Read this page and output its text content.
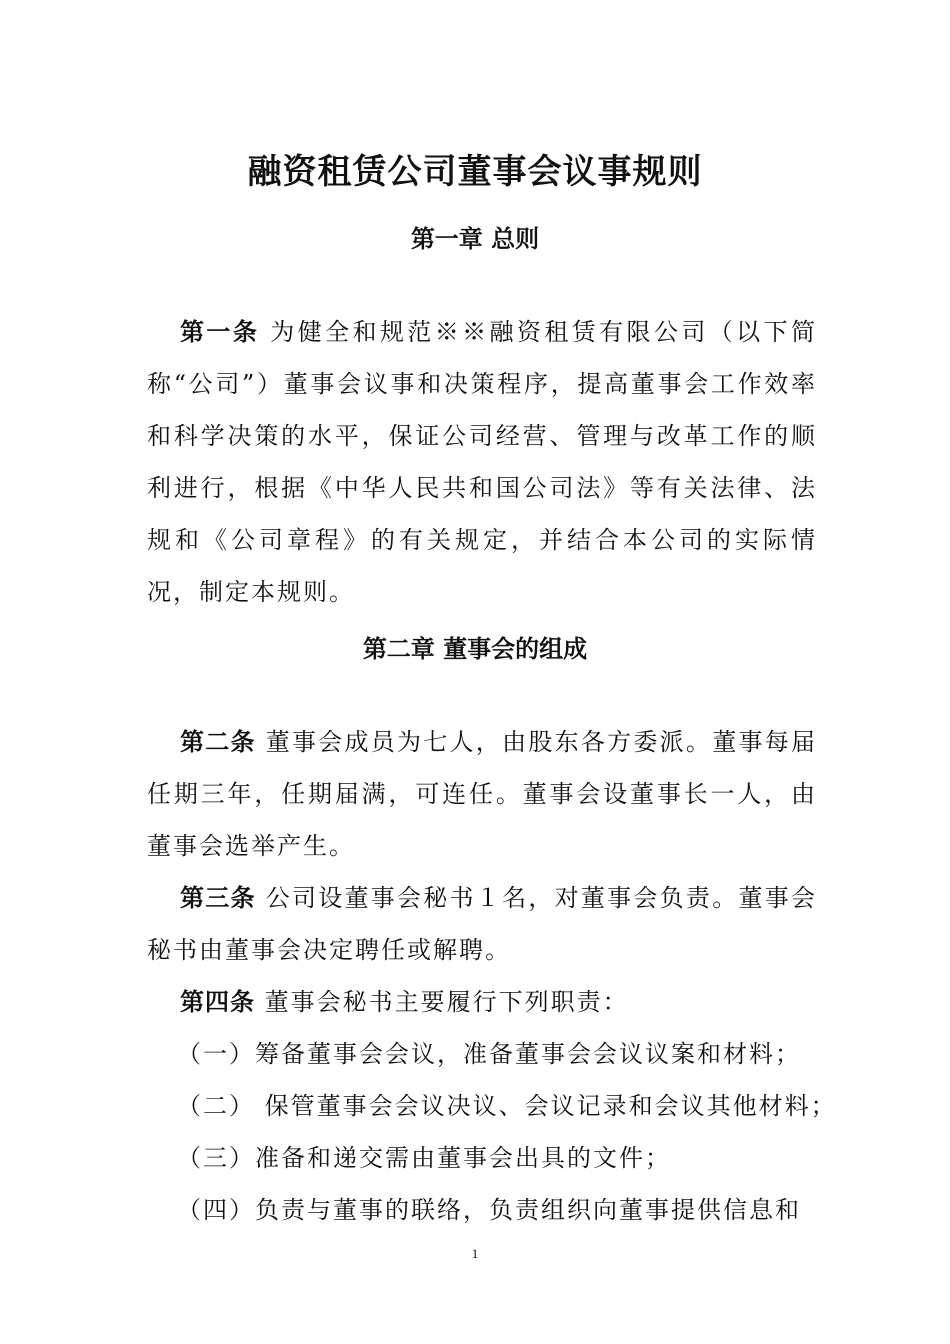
融资租赁公司董事会议事规则
第一章 总则

第一条 为健全和规范※※融资租赁有限公司（以下简称“公司”）董事会议事和决策程序，提高董事会工作效率和科学决策的水平，保证公司经营、管理与改革工作的顺利进行，根据《中华人民共和国公司法》等有关法律、法规和《公司章程》的有关规定，并结合本公司的实际情况，制定本规则。

第二章 董事会的组成

第二条 董事会成员为七人，由股东各方委派。董事每届任期三年，任期届满，可连任。董事会设董事长一人，由董事会选举产生。

第三条 公司设董事会秘书１名，对董事会负责。董事会秘书由董事会决定聘任或解聘。

第四条 董事会秘书主要履行下列职责：

（一）筹备董事会会议，准备董事会会议议案和材料；

（二） 保管董事会会议决议、会议记录和会议其他材料；

（三）准备和递交需由董事会出具的文件；

（四）负责与董事的联络，负责组织向董事提供信息和

1
